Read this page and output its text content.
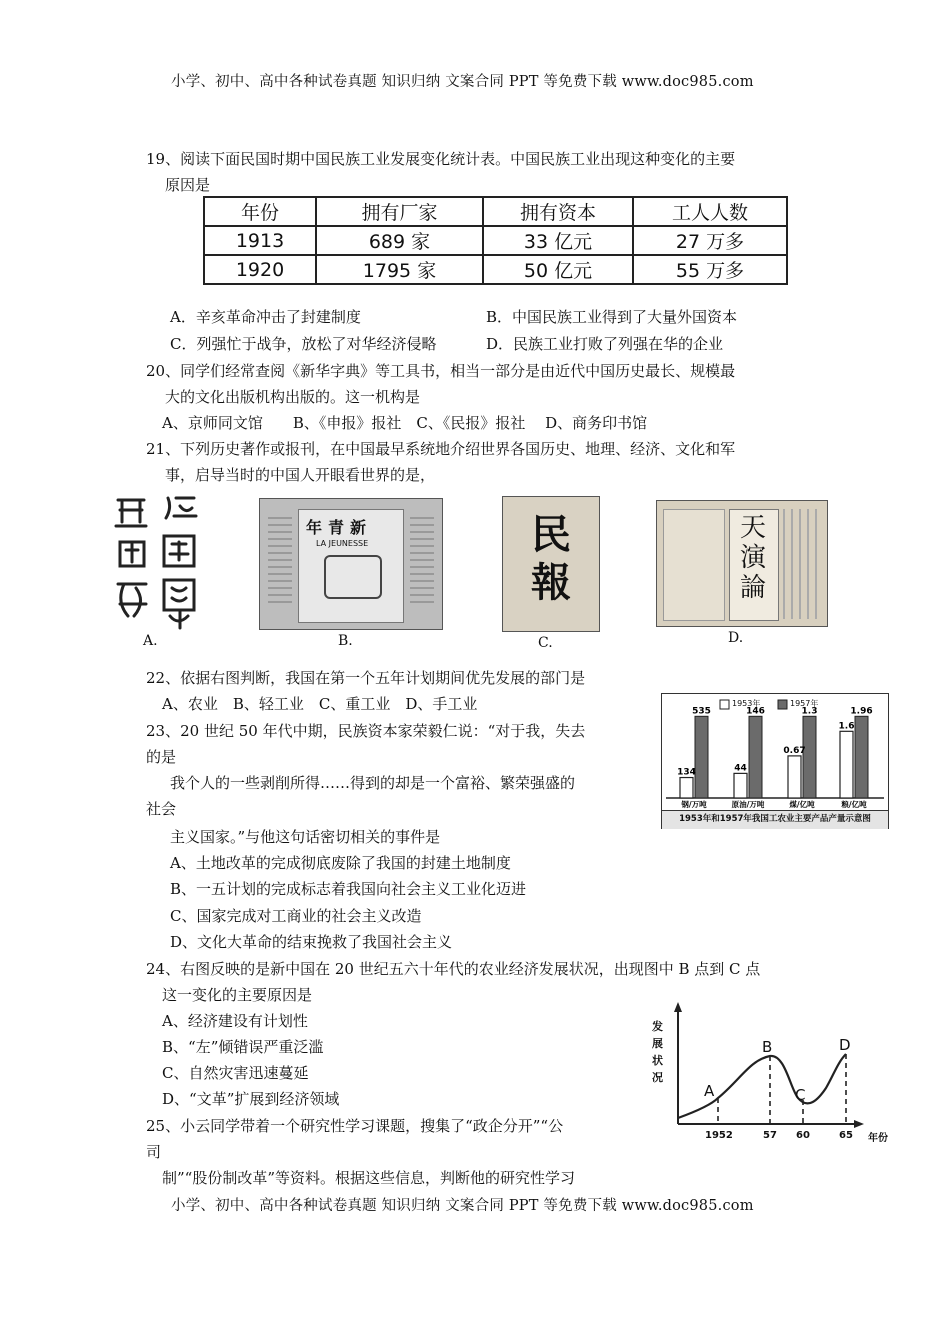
小学、初中、高中各种试卷真题 知识归纳 文案合同 PPT 等免费下载 www.doc985.com
19、阅读下面民国时期中国民族工业发展变化统计表。中国民族工业出现这种变化的主要
原因是
年份	拥有厂家	拥有资本	工人人数
1913	689 家	33 亿元	27 万多
1920	1795 家	50 亿元	55 万多
A．辛亥革命冲击了封建制度	B．中国民族工业得到了大量外国资本
C．列强忙于战争，放松了对华经济侵略	D．民族工业打败了列强在华的企业
20、同学们经常查阅《新华字典》等工具书，相当一部分是由近代中国历史最长、规模最
大的文化出版机构出版的。这一机构是
A、京师同文馆　　B、《申报》报社　C、《民报》报社　 D、商务印书馆
21、下列历史著作或报刊，在中国最早系统地介绍世界各国历史、地理、经济、文化和军
事，启导当时的中国人开眼看世界的是，
A.
年青新
LA JEUNESSE
B.
民報
C.
天演論
D.
22、依据右图判断，我国在第一个五年计划期间优先发展的部门是
A、农业　B、轻工业　C、重工业　D、手工业
134
535
钢/万吨
44
146
原油/万吨
0.67
1.3
煤/亿吨
1.6
1.96
粮/亿吨
1953年和1957年我国工农业主要产品产量示意图
1953年	1957年
23、20 世纪 50 年代中期，民族资本家荣毅仁说：“对于我，失去
的是
我个人的一些剥削所得……得到的却是一个富裕、繁荣强盛的
社会
主义国家。”与他这句话密切相关的事件是
A、土地改革的完成彻底废除了我国的封建土地制度
B、一五计划的完成标志着我国向社会主义工业化迈进
C、国家完成对工商业的社会主义改造
D、文化大革命的结束挽救了我国社会主义
24、右图反映的是新中国在 20 世纪五六十年代的农业经济发展状况，出现图中 B 点到 C 点
这一变化的主要原因是
A、经济建设有计划性
B、“左”倾错误严重泛滥
C、自然灾害迅速蔓延
D、“文革”扩展到经济领域
发
展
状
况
A
B
C
D
1952	57 60	65 年份
25、小云同学带着一个研究性学习课题，搜集了“政企分开”“公
司
制”“股份制改革”等资料。根据这些信息，判断他的研究性学习
小学、初中、高中各种试卷真题 知识归纳 文案合同 PPT 等免费下载 www.doc985.com
